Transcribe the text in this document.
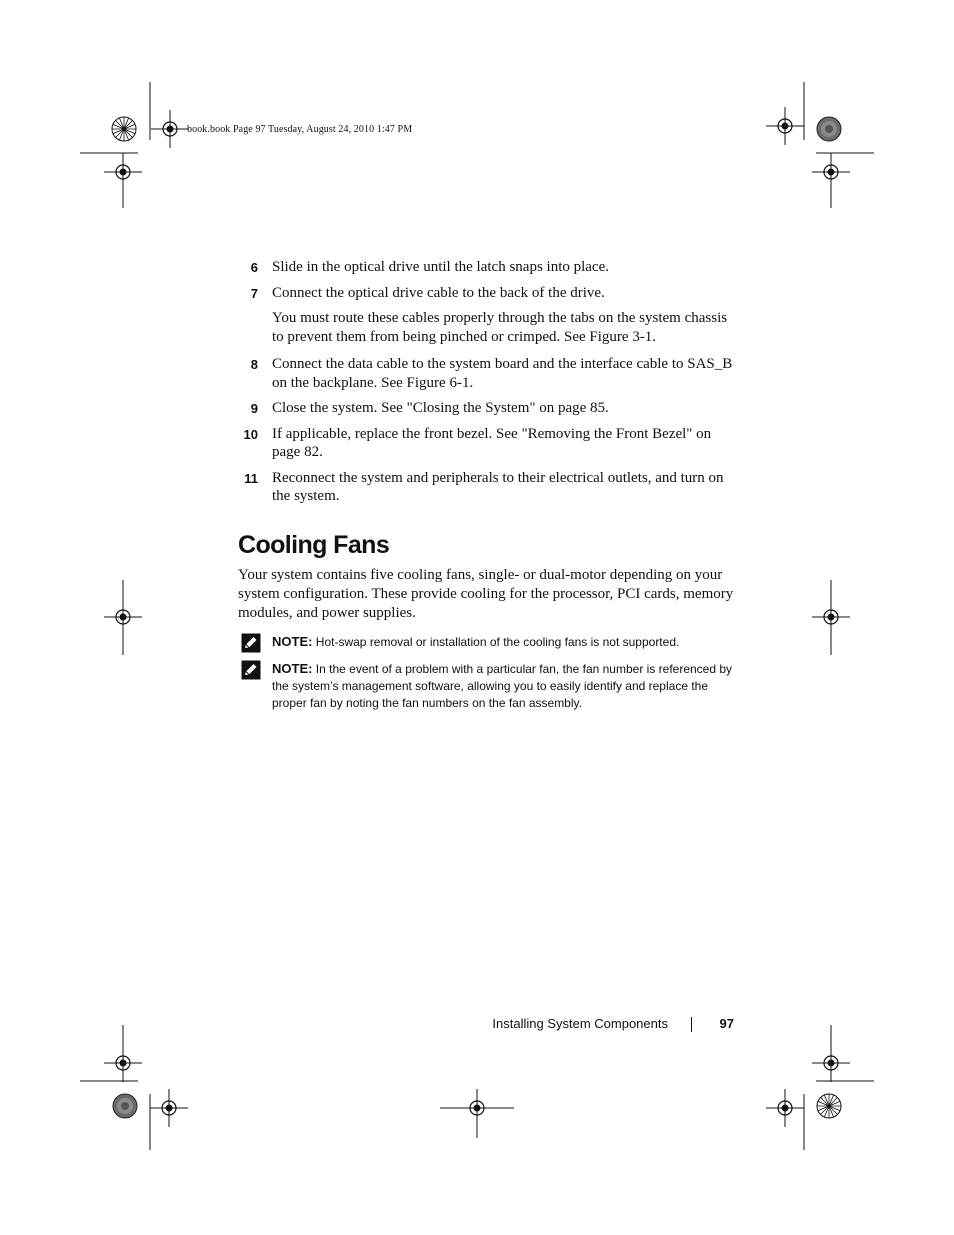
book.book Page 97 Tuesday, August 24, 2010 1:47 PM
6 Slide in the optical drive until the latch snaps into place.
7 Connect the optical drive cable to the back of the drive.
You must route these cables properly through the tabs on the system chassis to prevent them from being pinched or crimped. See Figure 3-1.
8 Connect the data cable to the system board and the interface cable to SAS_B on the backplane. See Figure 6-1.
9 Close the system. See "Closing the System" on page 85.
10 If applicable, replace the front bezel. See "Removing the Front Bezel" on page 82.
11 Reconnect the system and peripherals to their electrical outlets, and turn on the system.
Cooling Fans

Your system contains five cooling fans, single- or dual-motor depending on your system configuration. These provide cooling for the processor, PCI cards, memory modules, and power supplies.

NOTE: Hot-swap removal or installation of the cooling fans is not supported.
NOTE: In the event of a problem with a particular fan, the fan number is referenced by the system’s management software, allowing you to easily identify and replace the proper fan by noting the fan numbers on the fan assembly.
Installing System Components	97
